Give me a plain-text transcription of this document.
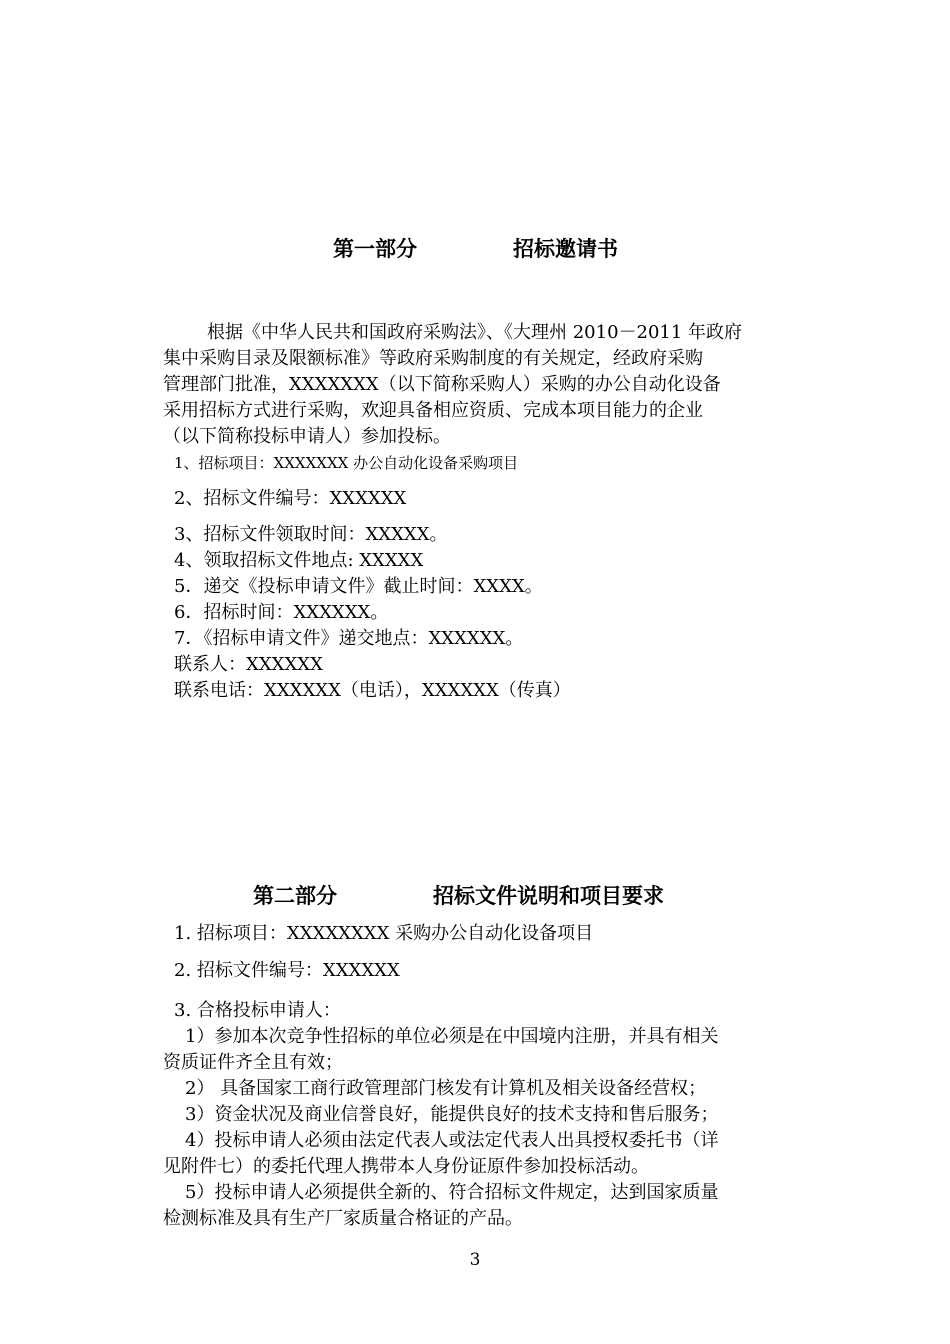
第一部分	招标邀请书
根据《中华人民共和国政府采购法》、《大理州 2010－2011 年政府
集中采购目录及限额标准》等政府采购制度的有关规定，经政府采购
管理部门批准，XXXXXXX（以下简称采购人）采购的办公自动化设备
采用招标方式进行采购，欢迎具备相应资质、完成本项目能力的企业
（以下简称投标申请人）参加投标。
1、招标项目：XXXXXXX 办公自动化设备采购项目
2、招标文件编号：XXXXXX
3、招标文件领取时间：XXXXX。
4、领取招标文件地点: XXXXX
5．递交《投标申请文件》截止时间：XXXX。
6．招标时间：XXXXXX。
7．《招标申请文件》递交地点：XXXXXX。
联系人：XXXXXX
联系电话：XXXXXX（电话），XXXXXX（传真）
第二部分	招标文件说明和项目要求
1. 招标项目：XXXXXXXX 采购办公自动化设备项目
2. 招标文件编号：XXXXXX
3. 合格投标申请人：
1）参加本次竞争性招标的单位必须是在中国境内注册，并具有相关
资质证件齐全且有效；
2） 具备国家工商行政管理部门核发有计算机及相关设备经营权；
3）资金状况及商业信誉良好，能提供良好的技术支持和售后服务；
4）投标申请人必须由法定代表人或法定代表人出具授权委托书（详
见附件七）的委托代理人携带本人身份证原件参加投标活动。
5）投标申请人必须提供全新的、符合招标文件规定，达到国家质量
检测标准及具有生产厂家质量合格证的产品。
3
